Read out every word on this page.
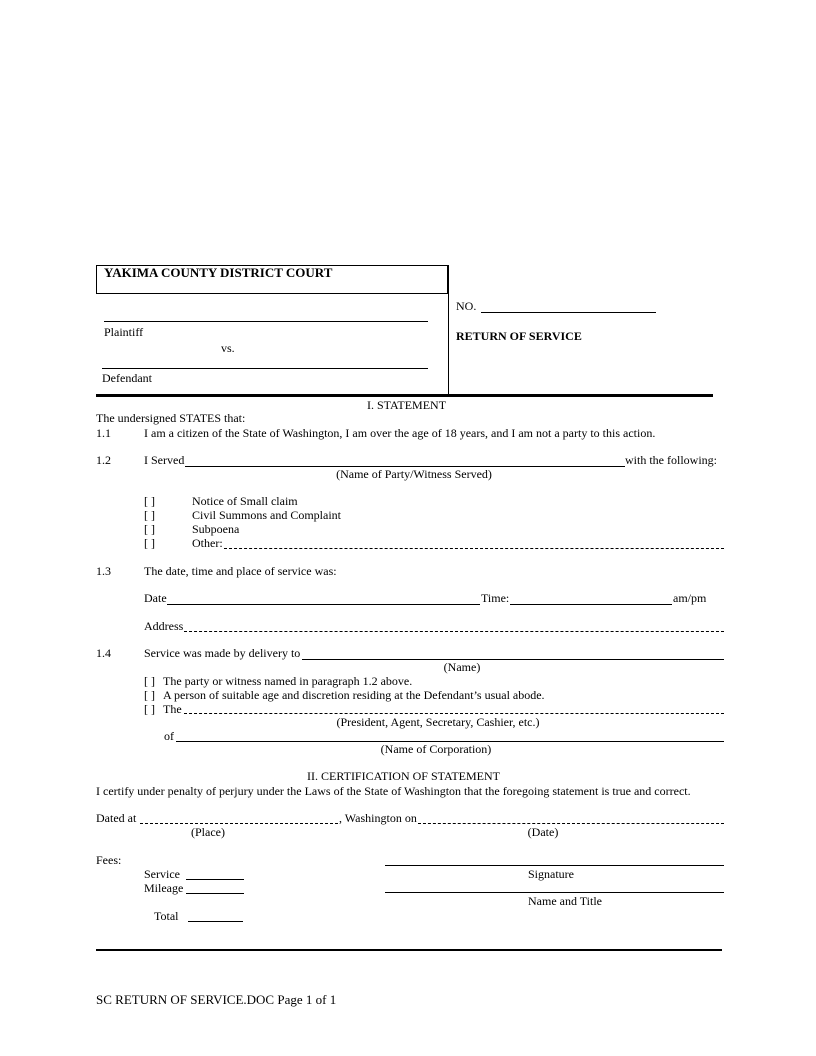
YAKIMA COUNTY DISTRICT COURT
Plaintiff
vs.
Defendant
NO.
RETURN OF SERVICE
I. STATEMENT
The undersigned STATES that:
1.1	I am a citizen of the State of Washington, I am over the age of 18 years, and I am not a party to this action.
1.2	I Served	with the following:
(Name of Party/Witness Served)
[ ]	Notice of Small claim
[ ]	Civil Summons and Complaint
[ ]	Subpoena
[ ]	Other:
1.3	The date, time and place of service was:
Date	Time:	am/pm
Address
1.4	Service was made by delivery to
(Name)
[ ] The party or witness named in paragraph 1.2 above.
[ ] A person of suitable age and discretion residing at the Defendant’s usual abode.
[ ] The
(President, Agent, Secretary, Cashier, etc.)
of
(Name of Corporation)
II. CERTIFICATION OF STATEMENT
I certify under penalty of perjury under the Laws of the State of Washington that the foregoing statement is true and correct.
Dated at	, Washington on
(Place)	(Date)
Fees:
Service
Mileage
Total
Signature
Name and Title
SC RETURN OF SERVICE.DOC Page 1 of 1
